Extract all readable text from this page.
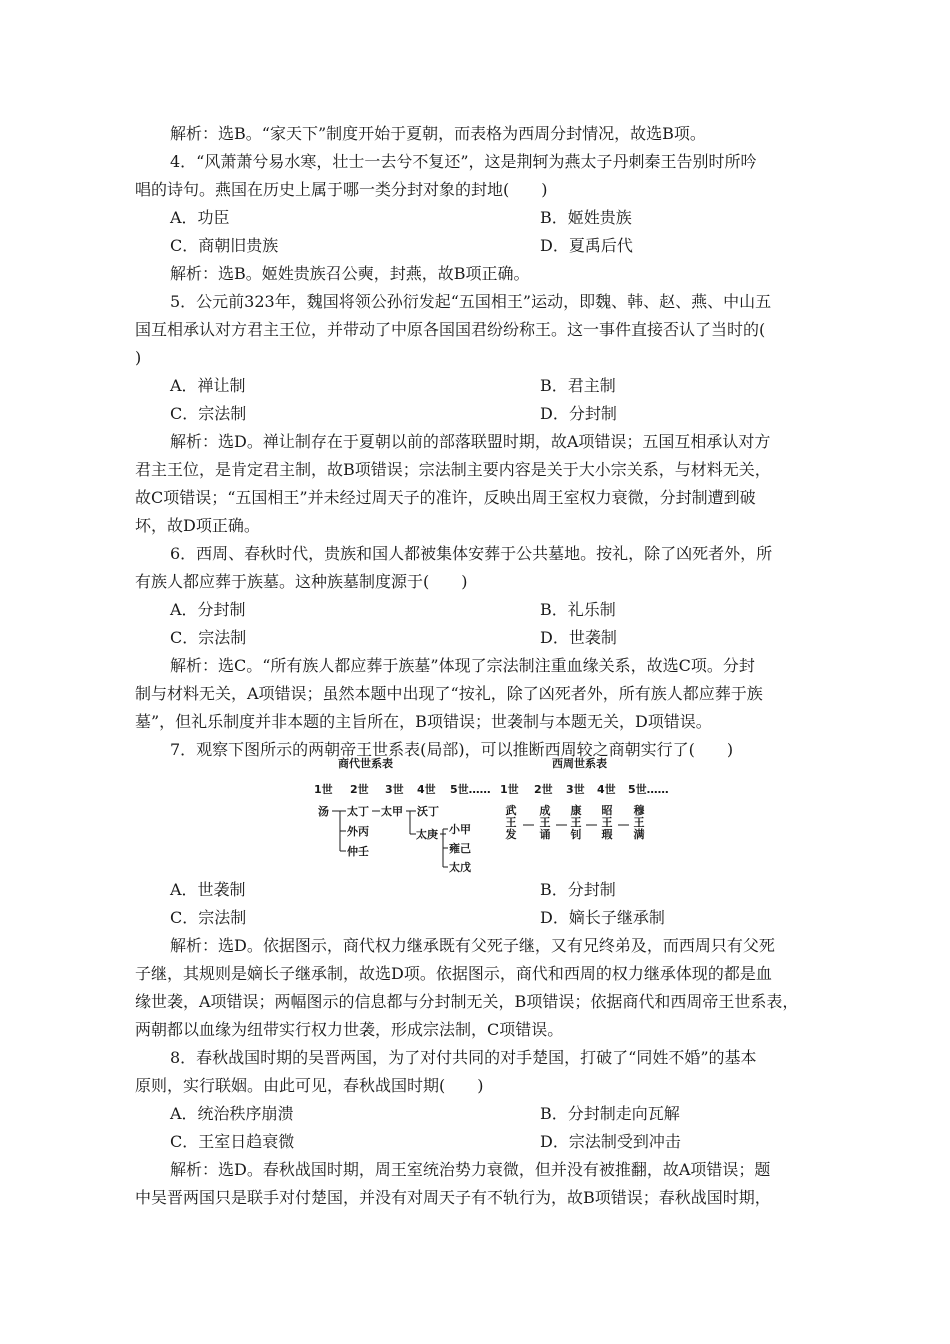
解析：选B。“家天下”制度开始于夏朝，而表格为西周分封情况，故选B项。
4．“风萧萧兮易水寒，壮士一去兮不复还”，这是荆轲为燕太子丹刺秦王告别时所吟
唱的诗句。燕国在历史上属于哪一类分封对象的封地(　　)
A．功臣	B．姬姓贵族
C．商朝旧贵族	D．夏禹后代
解析：选B。姬姓贵族召公奭，封燕，故B项正确。
5．公元前323年，魏国将领公孙衍发起“五国相王”运动，即魏、韩、赵、燕、中山五
国互相承认对方君主王位，并带动了中原各国国君纷纷称王。这一事件直接否认了当时的(
)
A．禅让制	B．君主制
C．宗法制	D．分封制
解析：选D。禅让制存在于夏朝以前的部落联盟时期，故A项错误；五国互相承认对方
君主王位，是肯定君主制，故B项错误；宗法制主要内容是关于大小宗关系，与材料无关，
故C项错误；“五国相王”并未经过周天子的准许，反映出周王室权力衰微，分封制遭到破
坏，故D项正确。
6．西周、春秋时代，贵族和国人都被集体安葬于公共墓地。按礼，除了凶死者外，所
有族人都应葬于族墓。这种族墓制度源于(　　)
A．分封制	B．礼乐制
C．宗法制	D．世袭制
解析：选C。“所有族人都应葬于族墓”体现了宗法制注重血缘关系，故选C项。分封
制与材料无关，A项错误；虽然本题中出现了“按礼，除了凶死者外，所有族人都应葬于族
墓”，但礼乐制度并非本题的主旨所在，B项错误；世袭制与本题无关，D项错误。
7．观察下图所示的两朝帝王世系表(局部)，可以推断西周较之商朝实行了(　　)
商代世系表	西周世系表
1世 2世 3世 4世 5世…… 1世 2世 3世 4世 5世……
汤 太丁 太甲 沃丁
外丙
仲壬
太庚 小甲
雍己
太戊
武
王
发
成
王
诵
康
王
钊
昭
王
瑕
穆
王
满
A．世袭制	B．分封制
C．宗法制	D．嫡长子继承制
解析：选D。依据图示，商代权力继承既有父死子继，又有兄终弟及，而西周只有父死
子继，其规则是嫡长子继承制，故选D项。依据图示，商代和西周的权力继承体现的都是血
缘世袭，A项错误；两幅图示的信息都与分封制无关，B项错误；依据商代和西周帝王世系表，
两朝都以血缘为纽带实行权力世袭，形成宗法制，C项错误。
8．春秋战国时期的吴晋两国，为了对付共同的对手楚国，打破了“同姓不婚”的基本
原则，实行联姻。由此可见，春秋战国时期(　　)
A．统治秩序崩溃	B．分封制走向瓦解
C．王室日趋衰微	D．宗法制受到冲击
解析：选D。春秋战国时期，周王室统治势力衰微，但并没有被推翻，故A项错误；题
中吴晋两国只是联手对付楚国，并没有对周天子有不轨行为，故B项错误；春秋战国时期，
